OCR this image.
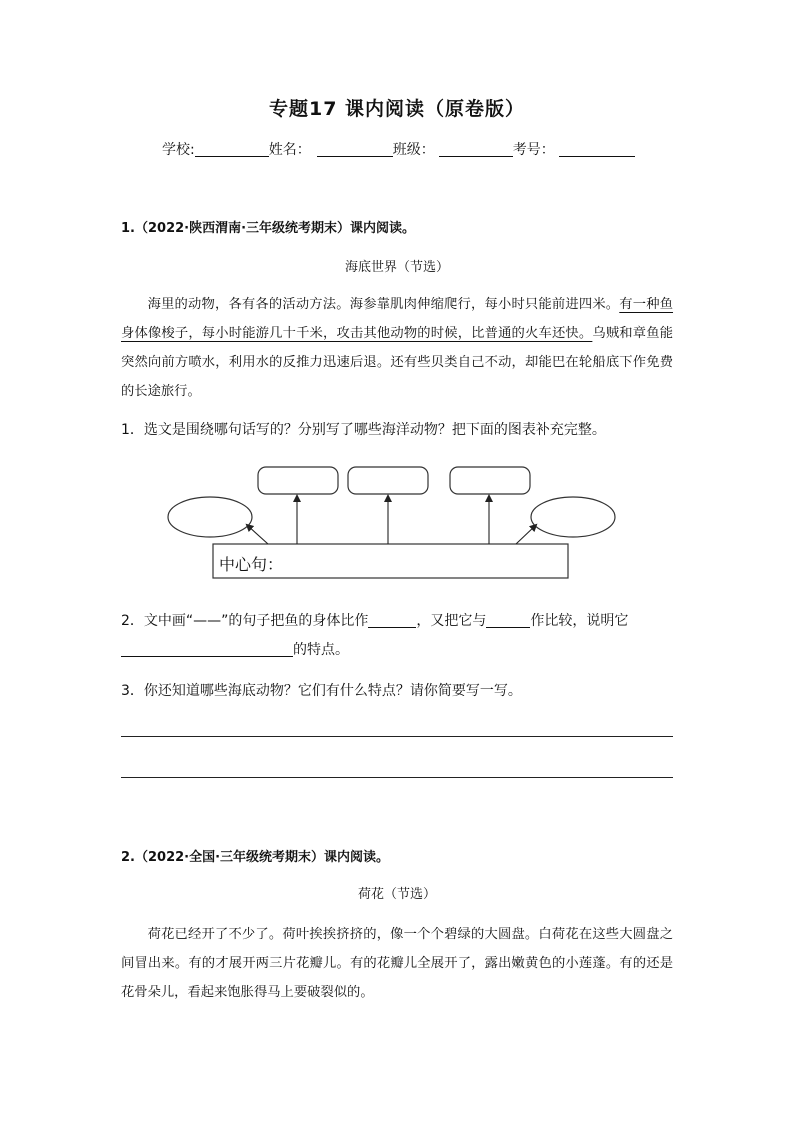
专题17 课内阅读（原卷版）
学校:	姓名：	班级：	考号：
1.（2022·陕西渭南·三年级统考期末）课内阅读。
海底世界（节选）
海里的动物，各有各的活动方法。海参靠肌肉伸缩爬行，每小时只能前进四米。有一种鱼身体像梭子，每小时能游几十千米，攻击其他动物的时候，比普通的火车还快。乌贼和章鱼能突然向前方喷水，利用水的反推力迅速后退。还有些贝类自己不动，却能巴在轮船底下作免费的长途旅行。
1．选文是围绕哪句话写的？分别写了哪些海洋动物？把下面的图表补充完整。
中心句：
2．文中画“——”的句子把鱼的身体比作	，又把它与	作比较，说明它
的特点。
3．你还知道哪些海底动物？它们有什么特点？请你简要写一写。
2.（2022·全国·三年级统考期末）课内阅读。
荷花（节选）
荷花已经开了不少了。荷叶挨挨挤挤的，像一个个碧绿的大圆盘。白荷花在这些大圆盘之间冒出来。有的才展开两三片花瓣儿。有的花瓣儿全展开了，露出嫩黄色的小莲蓬。有的还是花骨朵儿，看起来饱胀得马上要破裂似的。
